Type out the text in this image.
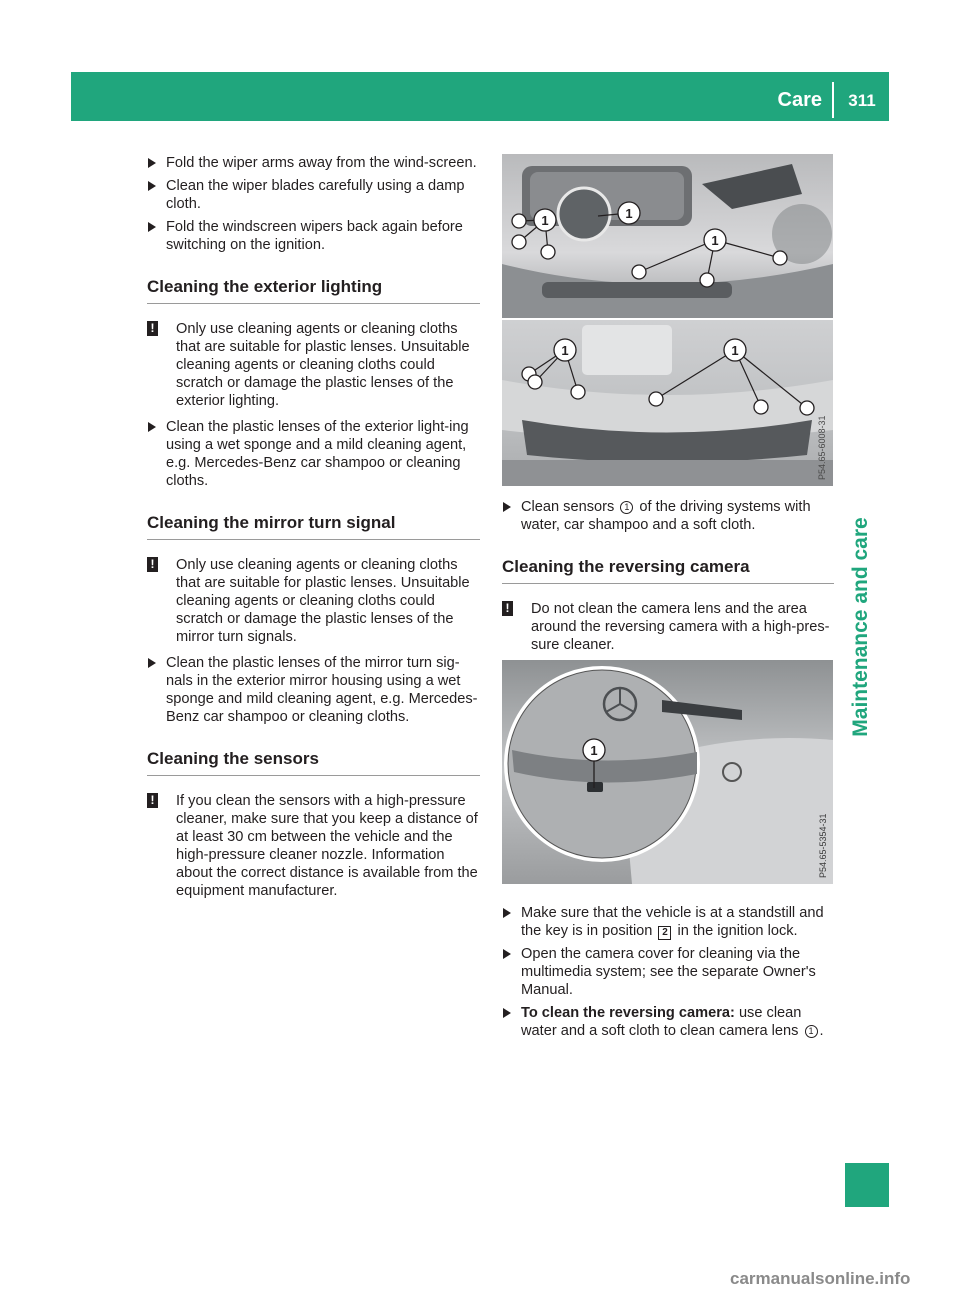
Care	311
Maintenance and care
Fold the wiper arms away from the wind-screen.
Clean the wiper blades carefully using a damp cloth.
Fold the windscreen wipers back again before switching on the ignition.
Cleaning the exterior lighting
! Only use cleaning agents or cleaning cloths that are suitable for plastic lenses. Unsuitable cleaning agents or cleaning cloths could scratch or damage the plastic lenses of the exterior lighting.
Clean the plastic lenses of the exterior light-ing using a wet sponge and a mild cleaning agent, e.g. Mercedes-Benz car shampoo or cleaning cloths.
Cleaning the mirror turn signal
! Only use cleaning agents or cleaning cloths that are suitable for plastic lenses. Unsuitable cleaning agents or cleaning cloths could scratch or damage the plastic lenses of the mirror turn signals.
Clean the plastic lenses of the mirror turn sig-nals in the exterior mirror housing using a wet sponge and mild cleaning agent, e.g. Mercedes-Benz car shampoo or cleaning cloths.
Cleaning the sensors
! If you clean the sensors with a high-pressure cleaner, make sure that you keep a distance of at least 30 cm between the vehicle and the high-pressure cleaner nozzle. Information about the correct distance is available from the equipment manufacturer.
1	1
1
1	1
P54.65-6008-31
Clean sensors 1 of the driving systems with water, car shampoo and a soft cloth.
Cleaning the reversing camera
! Do not clean the camera lens and the area around the reversing camera with a high-pres-sure cleaner.
Make sure that the vehicle is at a standstill and the key is in position 2 in the ignition lock.
Open the camera cover for cleaning via the multimedia system; see the separate Owner's Manual.
To clean the reversing camera: use clean water and a soft cloth to clean camera lens 1 .
1
P54.65-5354-31
carmanualsonline.info
